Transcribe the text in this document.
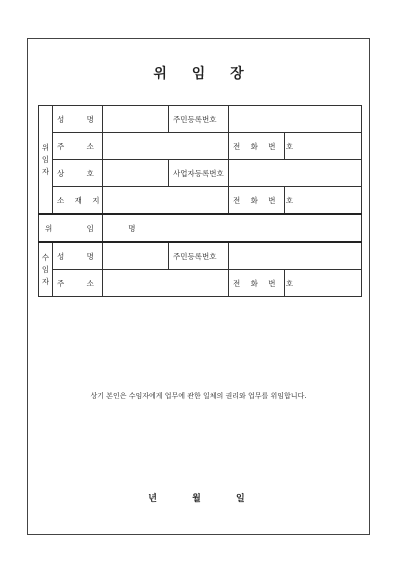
위 임 장
위
임
자	성 명		주민등록번호		
	주 소			전 화 번 호	
	상 호		사업자등록번호		
	소 재 지			전 화 번 호	
위 임 명					

수
임
자	성 명		주민등록번호		
	주 소			전 화 번 호	
상기 본인은 수임자에게 업무에 관한 일체의 권리와 업무를 위임합니다.
년	월	일
